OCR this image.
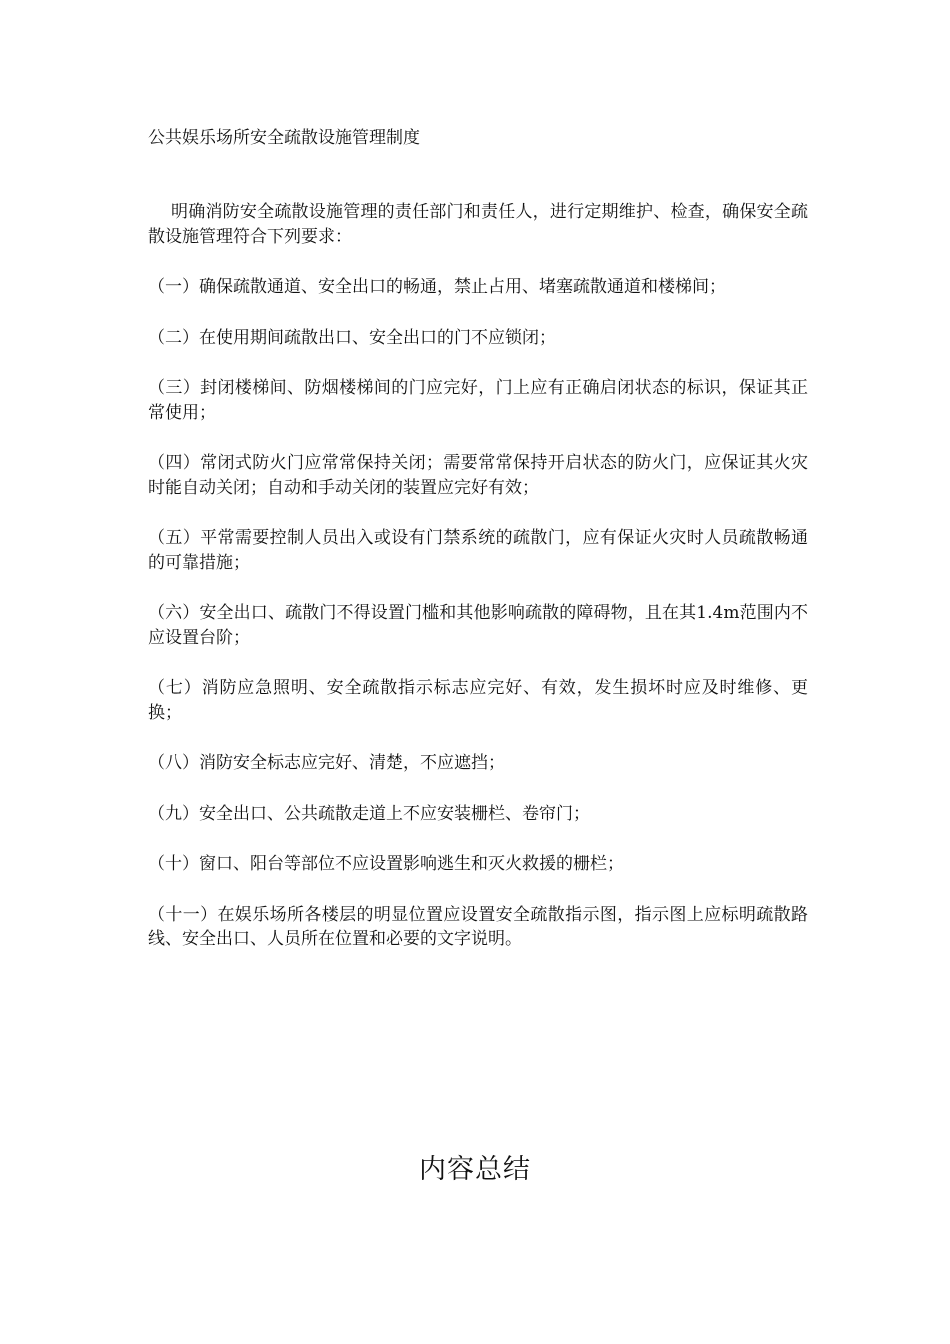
公共娱乐场所安全疏散设施管理制度

明确消防安全疏散设施管理的责任部门和责任人，进行定期维护、检查，确保安全疏散设施管理符合下列要求：

（一）确保疏散通道、安全出口的畅通，禁止占用、堵塞疏散通道和楼梯间；

（二）在使用期间疏散出口、安全出口的门不应锁闭；

（三）封闭楼梯间、防烟楼梯间的门应完好，门上应有正确启闭状态的标识，保证其正常使用；

（四）常闭式防火门应常常保持关闭；需要常常保持开启状态的防火门，应保证其火灾时能自动关闭；自动和手动关闭的装置应完好有效；

（五）平常需要控制人员出入或设有门禁系统的疏散门，应有保证火灾时人员疏散畅通的可靠措施；

（六）安全出口、疏散门不得设置门槛和其他影响疏散的障碍物，且在其1.4m范围内不应设置台阶；

（七）消防应急照明、安全疏散指示标志应完好、有效，发生损坏时应及时维修、更换；

（八）消防安全标志应完好、清楚，不应遮挡；

（九）安全出口、公共疏散走道上不应安装栅栏、卷帘门；

（十）窗口、阳台等部位不应设置影响逃生和灭火救援的栅栏；

（十一）在娱乐场所各楼层的明显位置应设置安全疏散指示图，指示图上应标明疏散路线、安全出口、人员所在位置和必要的文字说明。

内容总结
